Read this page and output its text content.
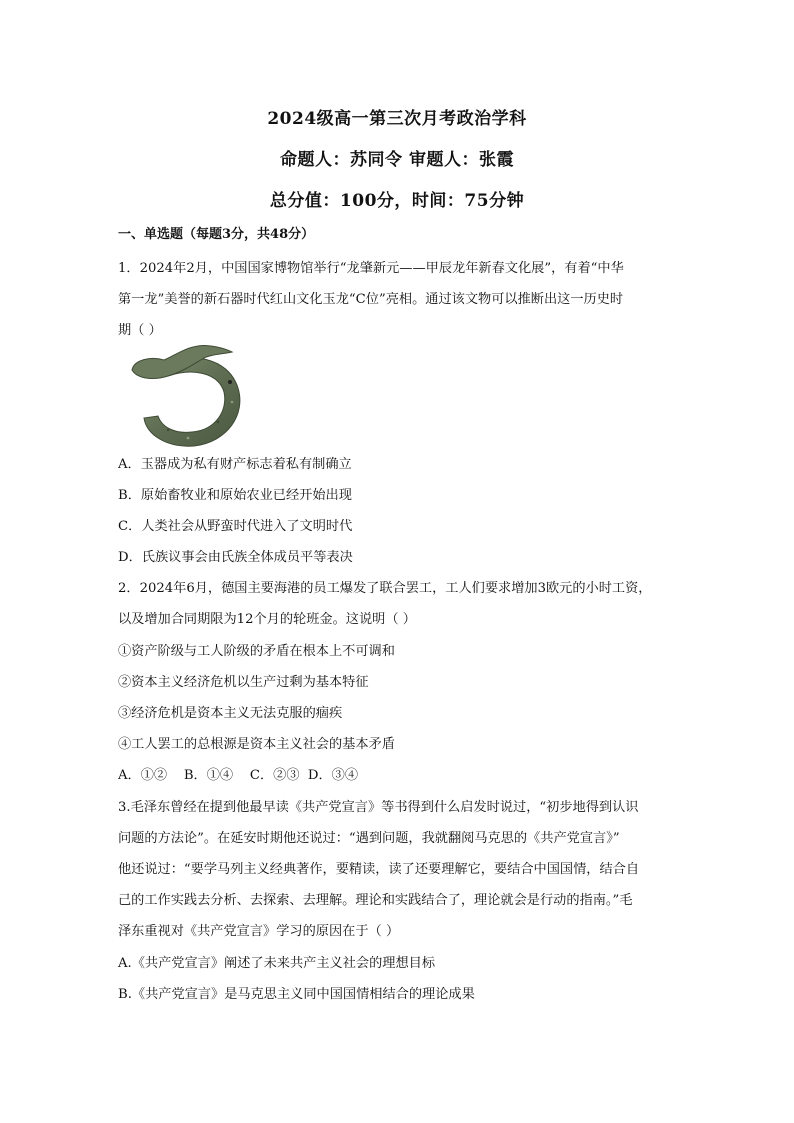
2024级高一第三次月考政治学科
命题人：苏同令 审题人：张霞
总分值：100分，时间：75分钟
一、单选题（每题3分，共48分）
1．2024年2月，中国国家博物馆举行“龙肇新元——甲辰龙年新春文化展”，有着“中华
第一龙”美誉的新石器时代红山文化玉龙“C位”亮相。通过该文物可以推断出这一历史时
期（ ）
A．玉器成为私有财产标志着私有制确立
B．原始畜牧业和原始农业已经开始出现
C．人类社会从野蛮时代进入了文明时代
D．氏族议事会由氏族全体成员平等表决
2．2024年6月，德国主要海港的员工爆发了联合罢工，工人们要求增加3欧元的小时工资，
以及增加合同期限为12个月的轮班金。这说明（ ）
①资产阶级与工人阶级的矛盾在根本上不可调和
②资本主义经济危机以生产过剩为基本特征
③经济危机是资本主义无法克服的痼疾
④工人罢工的总根源是资本主义社会的基本矛盾
A．①②    B．①④    C．②③  D．③④
3.毛泽东曾经在提到他最早读《共产党宣言》等书得到什么启发时说过，“初步地得到认识
问题的方法论”。在延安时期他还说过：“遇到问题，我就翻阅马克思的《共产党宣言》”
他还说过：“要学马列主义经典著作，要精读，读了还要理解它，要结合中国国情，结合自
己的工作实践去分析、去探索、去理解。理论和实践结合了，理论就会是行动的指南。”毛
泽东重视对《共产党宣言》学习的原因在于（ ）
A.《共产党宣言》阐述了未来共产主义社会的理想目标
B.《共产党宣言》是马克思主义同中国国情相结合的理论成果
